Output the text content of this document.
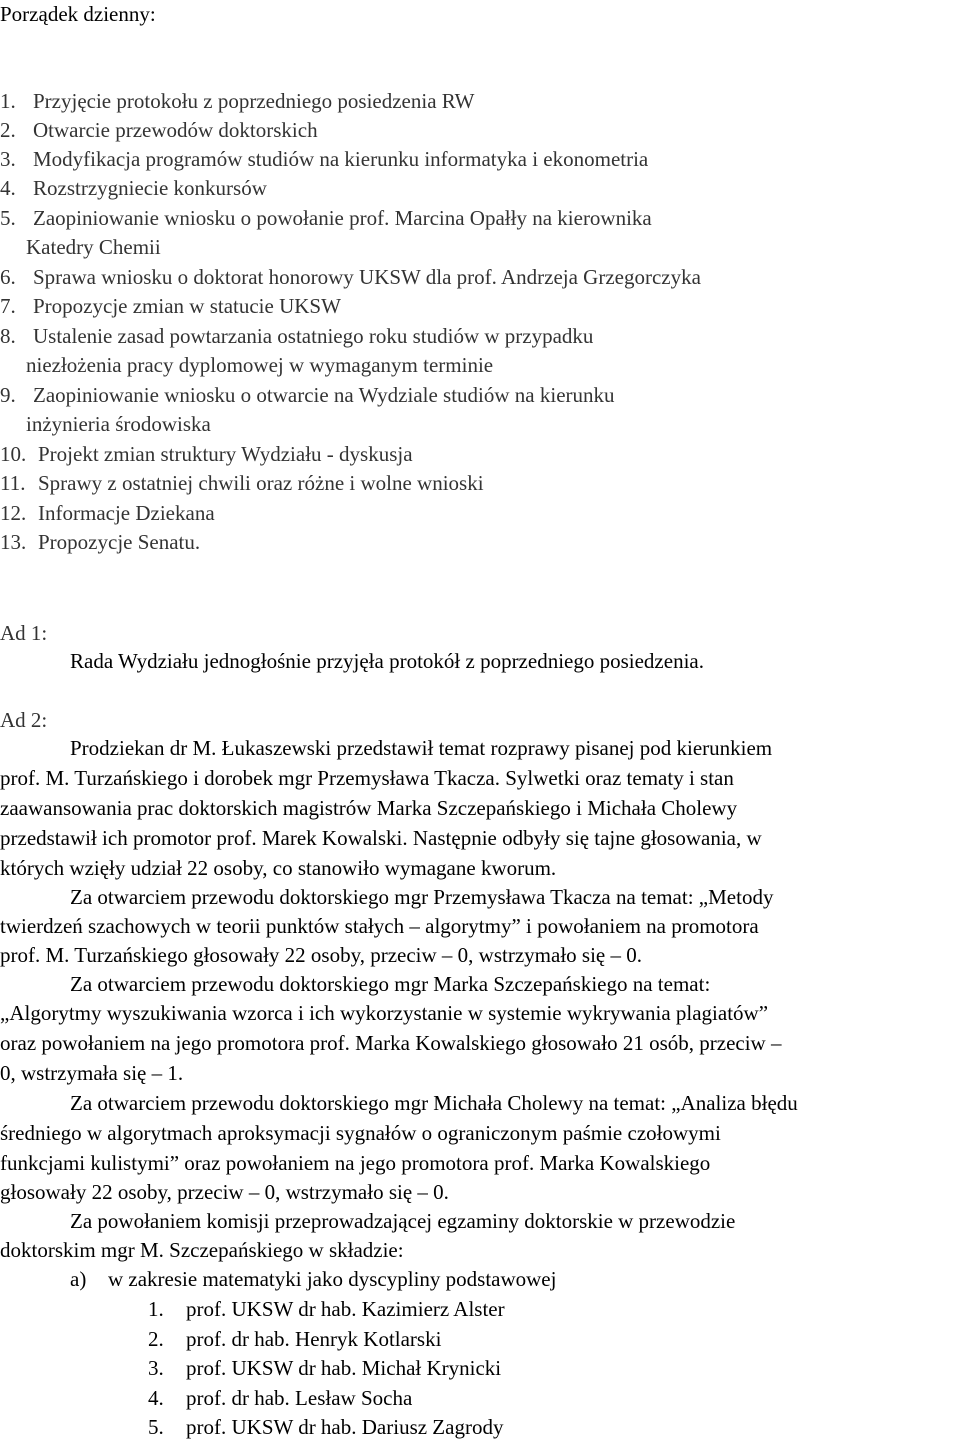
Porządek dzienny:
1. Przyjęcie protokołu z poprzedniego posiedzenia RW
2. Otwarcie przewodów doktorskich
3. Modyfikacja programów studiów na kierunku informatyka i ekonometria
4. Rozstrzygniecie konkursów
5. Zaopiniowanie wniosku o powołanie prof. Marcina Opałły na kierownika
Katedry Chemii
6. Sprawa wniosku o doktorat honorowy UKSW dla prof. Andrzeja Grzegorczyka
7. Propozycje zmian w statucie UKSW
8. Ustalenie zasad powtarzania ostatniego roku studiów w przypadku
niezłożenia pracy dyplomowej w wymaganym terminie
9. Zaopiniowanie wniosku o otwarcie na Wydziale studiów na kierunku
inżynieria środowiska
10. Projekt zmian struktury Wydziału - dyskusja
11. Sprawy z ostatniej chwili oraz różne i wolne wnioski
12. Informacje Dziekana
13. Propozycje Senatu.
Ad 1:
Rada Wydziału jednogłośnie przyjęła protokół z poprzedniego posiedzenia.
Ad 2:
Prodziekan dr M. Łukaszewski przedstawił temat rozprawy pisanej pod kierunkiem
prof. M. Turzańskiego i dorobek mgr Przemysława Tkacza. Sylwetki oraz tematy i stan
zaawansowania prac doktorskich magistrów Marka Szczepańskiego i Michała Cholewy
przedstawił ich promotor prof. Marek Kowalski. Następnie odbyły się tajne głosowania, w
których wzięły udział 22 osoby, co stanowiło wymagane kworum.
Za otwarciem przewodu doktorskiego mgr Przemysława Tkacza na temat: „Metody
twierdzeń szachowych w teorii punktów stałych – algorytmy” i powołaniem na promotora
prof. M. Turzańskiego głosowały 22 osoby, przeciw – 0, wstrzymało się – 0.
Za otwarciem przewodu doktorskiego mgr Marka Szczepańskiego na temat:
„Algorytmy wyszukiwania wzorca i ich wykorzystanie w systemie wykrywania plagiatów”
oraz powołaniem na jego promotora prof. Marka Kowalskiego głosowało 21 osób, przeciw –
0, wstrzymała się – 1.
Za otwarciem przewodu doktorskiego mgr Michała Cholewy na temat: „Analiza błędu
średniego w algorytmach aproksymacji sygnałów o ograniczonym paśmie czołowymi
funkcjami kulistymi” oraz powołaniem na jego promotora prof. Marka Kowalskiego
głosowały 22 osoby, przeciw – 0, wstrzymało się – 0.
Za powołaniem komisji przeprowadzającej egzaminy doktorskie w przewodzie
doktorskim mgr M. Szczepańskiego w składzie:
a) w zakresie matematyki jako dyscypliny podstawowej
1. prof. UKSW dr hab. Kazimierz Alster
2. prof. dr hab. Henryk Kotlarski
3. prof. UKSW dr hab. Michał Krynicki
4. prof. dr hab. Lesław Socha
5. prof. UKSW dr hab. Dariusz Zagrody
